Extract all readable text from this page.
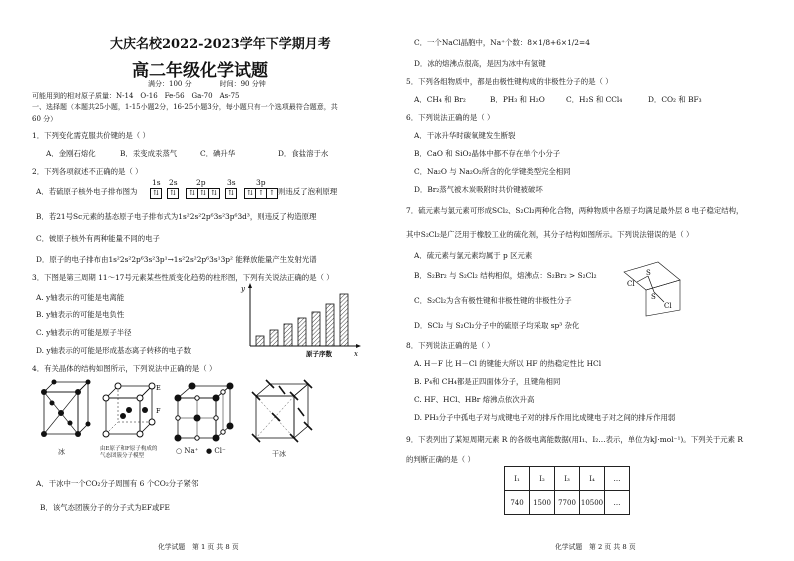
大庆名校2022-2023学年下学期月考
高二年级化学试题
满分：100 分　　　　时间：90 分钟
可能用到的相对原子质量：N-14　O-16　Fe-56　Ga-70　As-75
一、选择题（本题共25小题，1-15小题2分，16-25小题3分，每小题只有一个选项最符合题意，共
60 分）
1．下列变化需克服共价键的是（ ）
A．金刚石熔化	B．汞变成汞蒸气	C．碘升华	D．食盐溶于水
2．下列各项叙述不正确的是（ ）
A．若硫原子核外电子排布图为
1s 2s 2p	3s	3p
⇅	⇅	⇅ ⇅ ⇅	⇅	⇅ ↑ ↑ 则违反了泡利原理
B．若21号Sc元素的基态原子电子排布式为1s²2s²2p⁶3s²3p⁶3d³，则违反了构造原理
C．铍原子核外有两种能量不同的电子
D．原子的电子排布由1s²2s²2p⁶3s²3p¹→1s²2s²2p⁶3s¹3p² 能释放能量产生发射光谱
3．下图是第三周期 11～17号元素某些性质变化趋势的柱形图，下列有关说法正确的是（ ）
A. y轴表示的可能是电离能
B. y轴表示的可能是电负性
C. y轴表示的可能是原子半径
D. y轴表示的可能是形成基态离子转移的电子数
y
x
原子序数
4．有关晶体的结构如图所示，下列说法中正确的是（ ）
冰
E
F
由E原子和F原子构成的气态团簇分子模型
○ Na⁺ ● Cl⁻	干冰
A．干冰中一个CO₂分子周围有 6 个CO₂分子紧邻
B．该气态团簇分子的分子式为EF或FE
化学试题　第 1 页 共 8 页
C．一个NaCl晶胞中，Na⁺个数：8×1/8+6×1/2=4
D．冰的熔沸点很高，是因为冰中有氢键
5．下列各组物质中，都是由极性键构成的非极性分子的是（ ）
A．CH₄ 和 Br₂	B．PH₃ 和 H₂O	C．H₂S 和 CCl₄	D．CO₂ 和 BF₃
6．下列说法正确的是（ ）
A．干冰升华时碳氧键发生断裂
B．CaO 和 SiO₂晶体中都不存在单个小分子
C．Na₂O 与 Na₂O₂所含的化学键类型完全相同
D．Br₂蒸气被木炭吸附时共价键被破坏
7．硫元素与氯元素可形成SCl₂、S₂Cl₂两种化合物，两种物质中各原子均满足最外层 8 电子稳定结构，
其中S₂Cl₂是广泛用于橡胶工业的硫化剂，其分子结构如图所示。下列说法错误的是（ ）
A．硫元素与氯元素均属于 p 区元素
B．S₂Br₂ 与 S₂Cl₂ 结构相似，熔沸点：S₂Br₂ > S₂Cl₂
C．S₂Cl₂为含有极性键和非极性键的非极性分子
D．SCl₂ 与 S₂Cl₂分子中的硫原子均采取 sp³ 杂化
Cl
S
S
Cl
8．下列说法正确的是（ ）
A. H－F 比 H－Cl 的键能大所以 HF 的热稳定性比 HCl
B. P₄和 CH₄都是正四面体分子，且键角相同
C. HF、HCl、HBr 熔沸点依次升高
D. PH₃分子中孤电子对与成键电子对的排斥作用比成键电子对之间的排斥作用弱
9．下表列出了某短周期元素 R 的各级电离能数据(用I₁、I₂…表示，单位为kJ·mol⁻¹)。下列关于元素 R
的判断正确的是（ ）
I₁	I₂	I₃	I₄	…
740	1500	7700	10500	…
化学试题　第 2 页 共 8 页
